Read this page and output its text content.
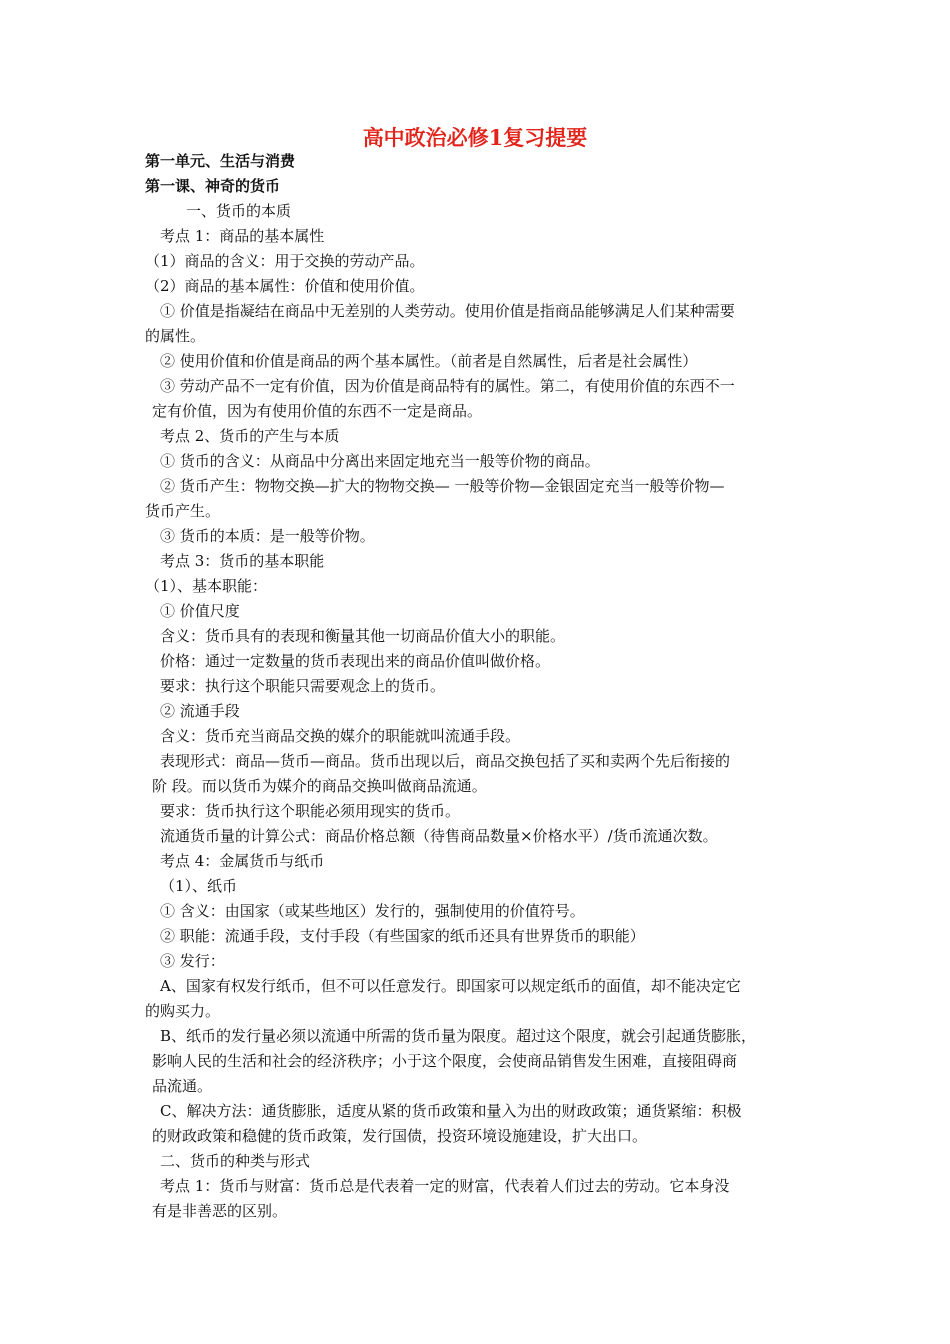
高中政治必修1复习提要
第一单元、生活与消费
第一课、神奇的货币
一、货币的本质
考点 1：商品的基本属性
（1）商品的含义：用于交换的劳动产品。
（2）商品的基本属性：价值和使用价值。
① 价值是指凝结在商品中无差别的人类劳动。使用价值是指商品能够满足人们某种需要
的属性。
② 使用价值和价值是商品的两个基本属性。（前者是自然属性，后者是社会属性）
③ 劳动产品不一定有价值，因为价值是商品特有的属性。第二，有使用价值的东西不一
定有价值，因为有使用价值的东西不一定是商品。
考点 2、货币的产生与本质
① 货币的含义：从商品中分离出来固定地充当一般等价物的商品。
② 货币产生：物物交换—扩大的物物交换— 一般等价物—金银固定充当一般等价物—
货币产生。
③ 货币的本质：是一般等价物。
考点 3：货币的基本职能
（1）、基本职能：
① 价值尺度
含义：货币具有的表现和衡量其他一切商品价值大小的职能。
价格：通过一定数量的货币表现出来的商品价值叫做价格。
要求：执行这个职能只需要观念上的货币。
② 流通手段
含义：货币充当商品交换的媒介的职能就叫流通手段。
表现形式：商品—货币—商品。货币出现以后，商品交换包括了买和卖两个先后衔接的
阶 段。而以货币为媒介的商品交换叫做商品流通。
要求：货币执行这个职能必须用现实的货币。
流通货币量的计算公式：商品价格总额（待售商品数量×价格水平）/货币流通次数。
考点 4：金属货币与纸币
（1）、纸币
① 含义：由国家（或某些地区）发行的，强制使用的价值符号。
② 职能：流通手段，支付手段（有些国家的纸币还具有世界货币的职能）
③ 发行：
A、国家有权发行纸币，但不可以任意发行。即国家可以规定纸币的面值，却不能决定它
的购买力。
B、纸币的发行量必须以流通中所需的货币量为限度。超过这个限度，就会引起通货膨胀，
影响人民的生活和社会的经济秩序；小于这个限度，会使商品销售发生困难，直接阻碍商
品流通。
C、解决方法：通货膨胀，适度从紧的货币政策和量入为出的财政政策；通货紧缩：积极
的财政政策和稳健的货币政策，发行国债，投资环境设施建设，扩大出口。
二、货币的种类与形式
考点 1：货币与财富：货币总是代表着一定的财富，代表着人们过去的劳动。它本身没
有是非善恶的区别。
